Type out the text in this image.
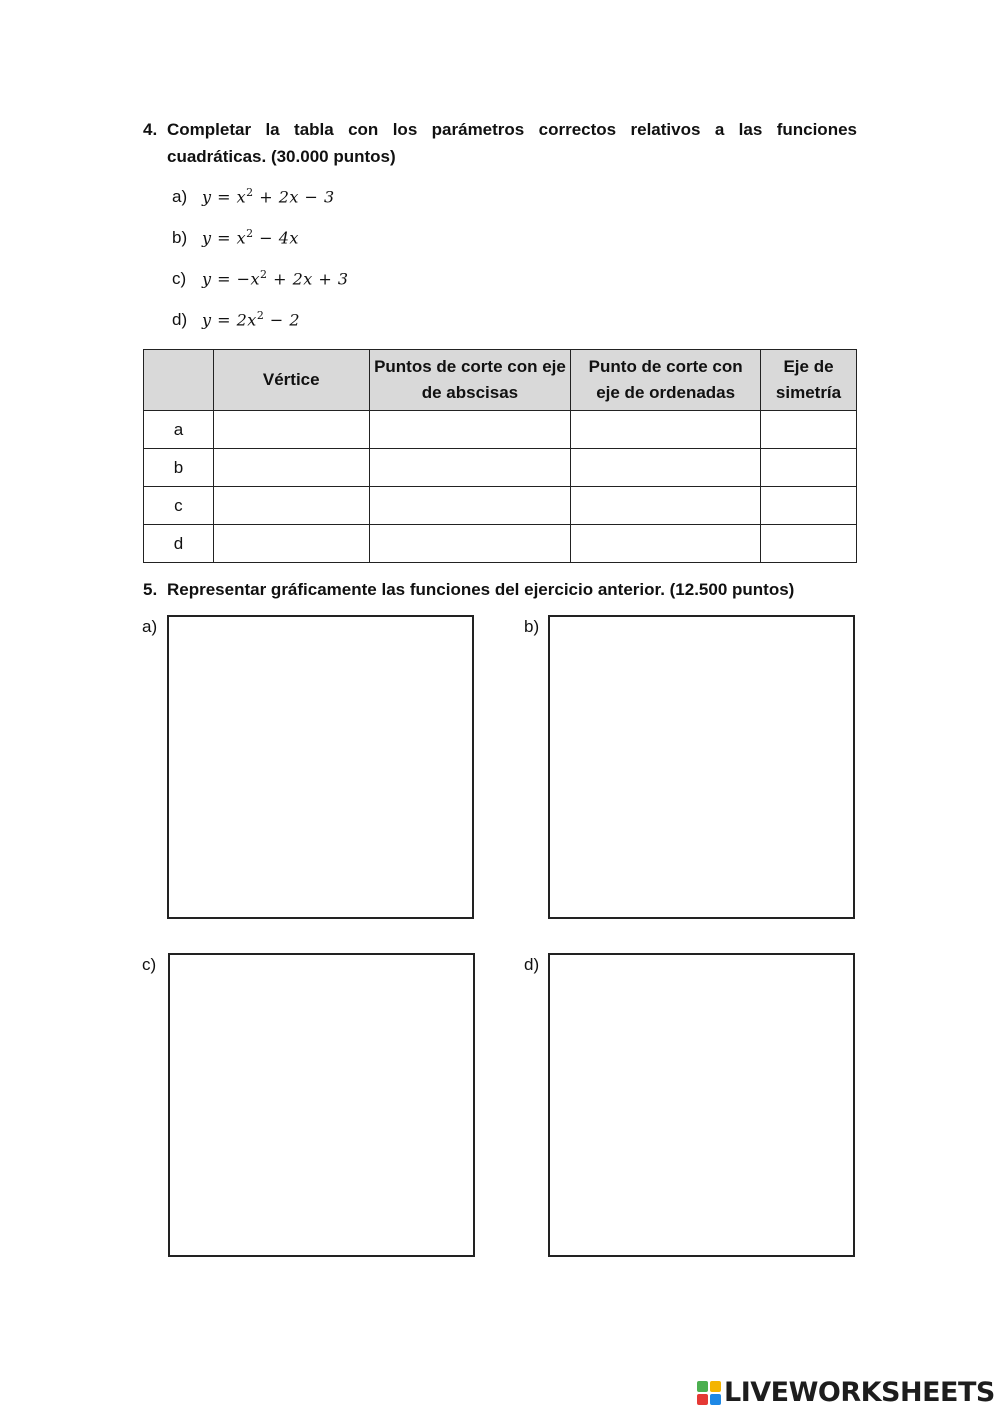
4. Completar la tabla con los parámetros correctos relativos a las funciones cuadráticas. (30.000 puntos)
a) $y = x^2 + 2x - 3$
b) $y = x^2 - 4x$
c) $y = -x^2 + 2x + 3$
d) $y = 2x^2 - 2$
	Vértice	Puntos de corte con eje de abscisas	Punto de corte con eje de ordenadas	Eje de simetría
a				
b				
c				
d				
5. Representar gráficamente las funciones del ejercicio anterior. (12.500 puntos)
a)	b)
c)	d)
LIVEWORKSHEETS
